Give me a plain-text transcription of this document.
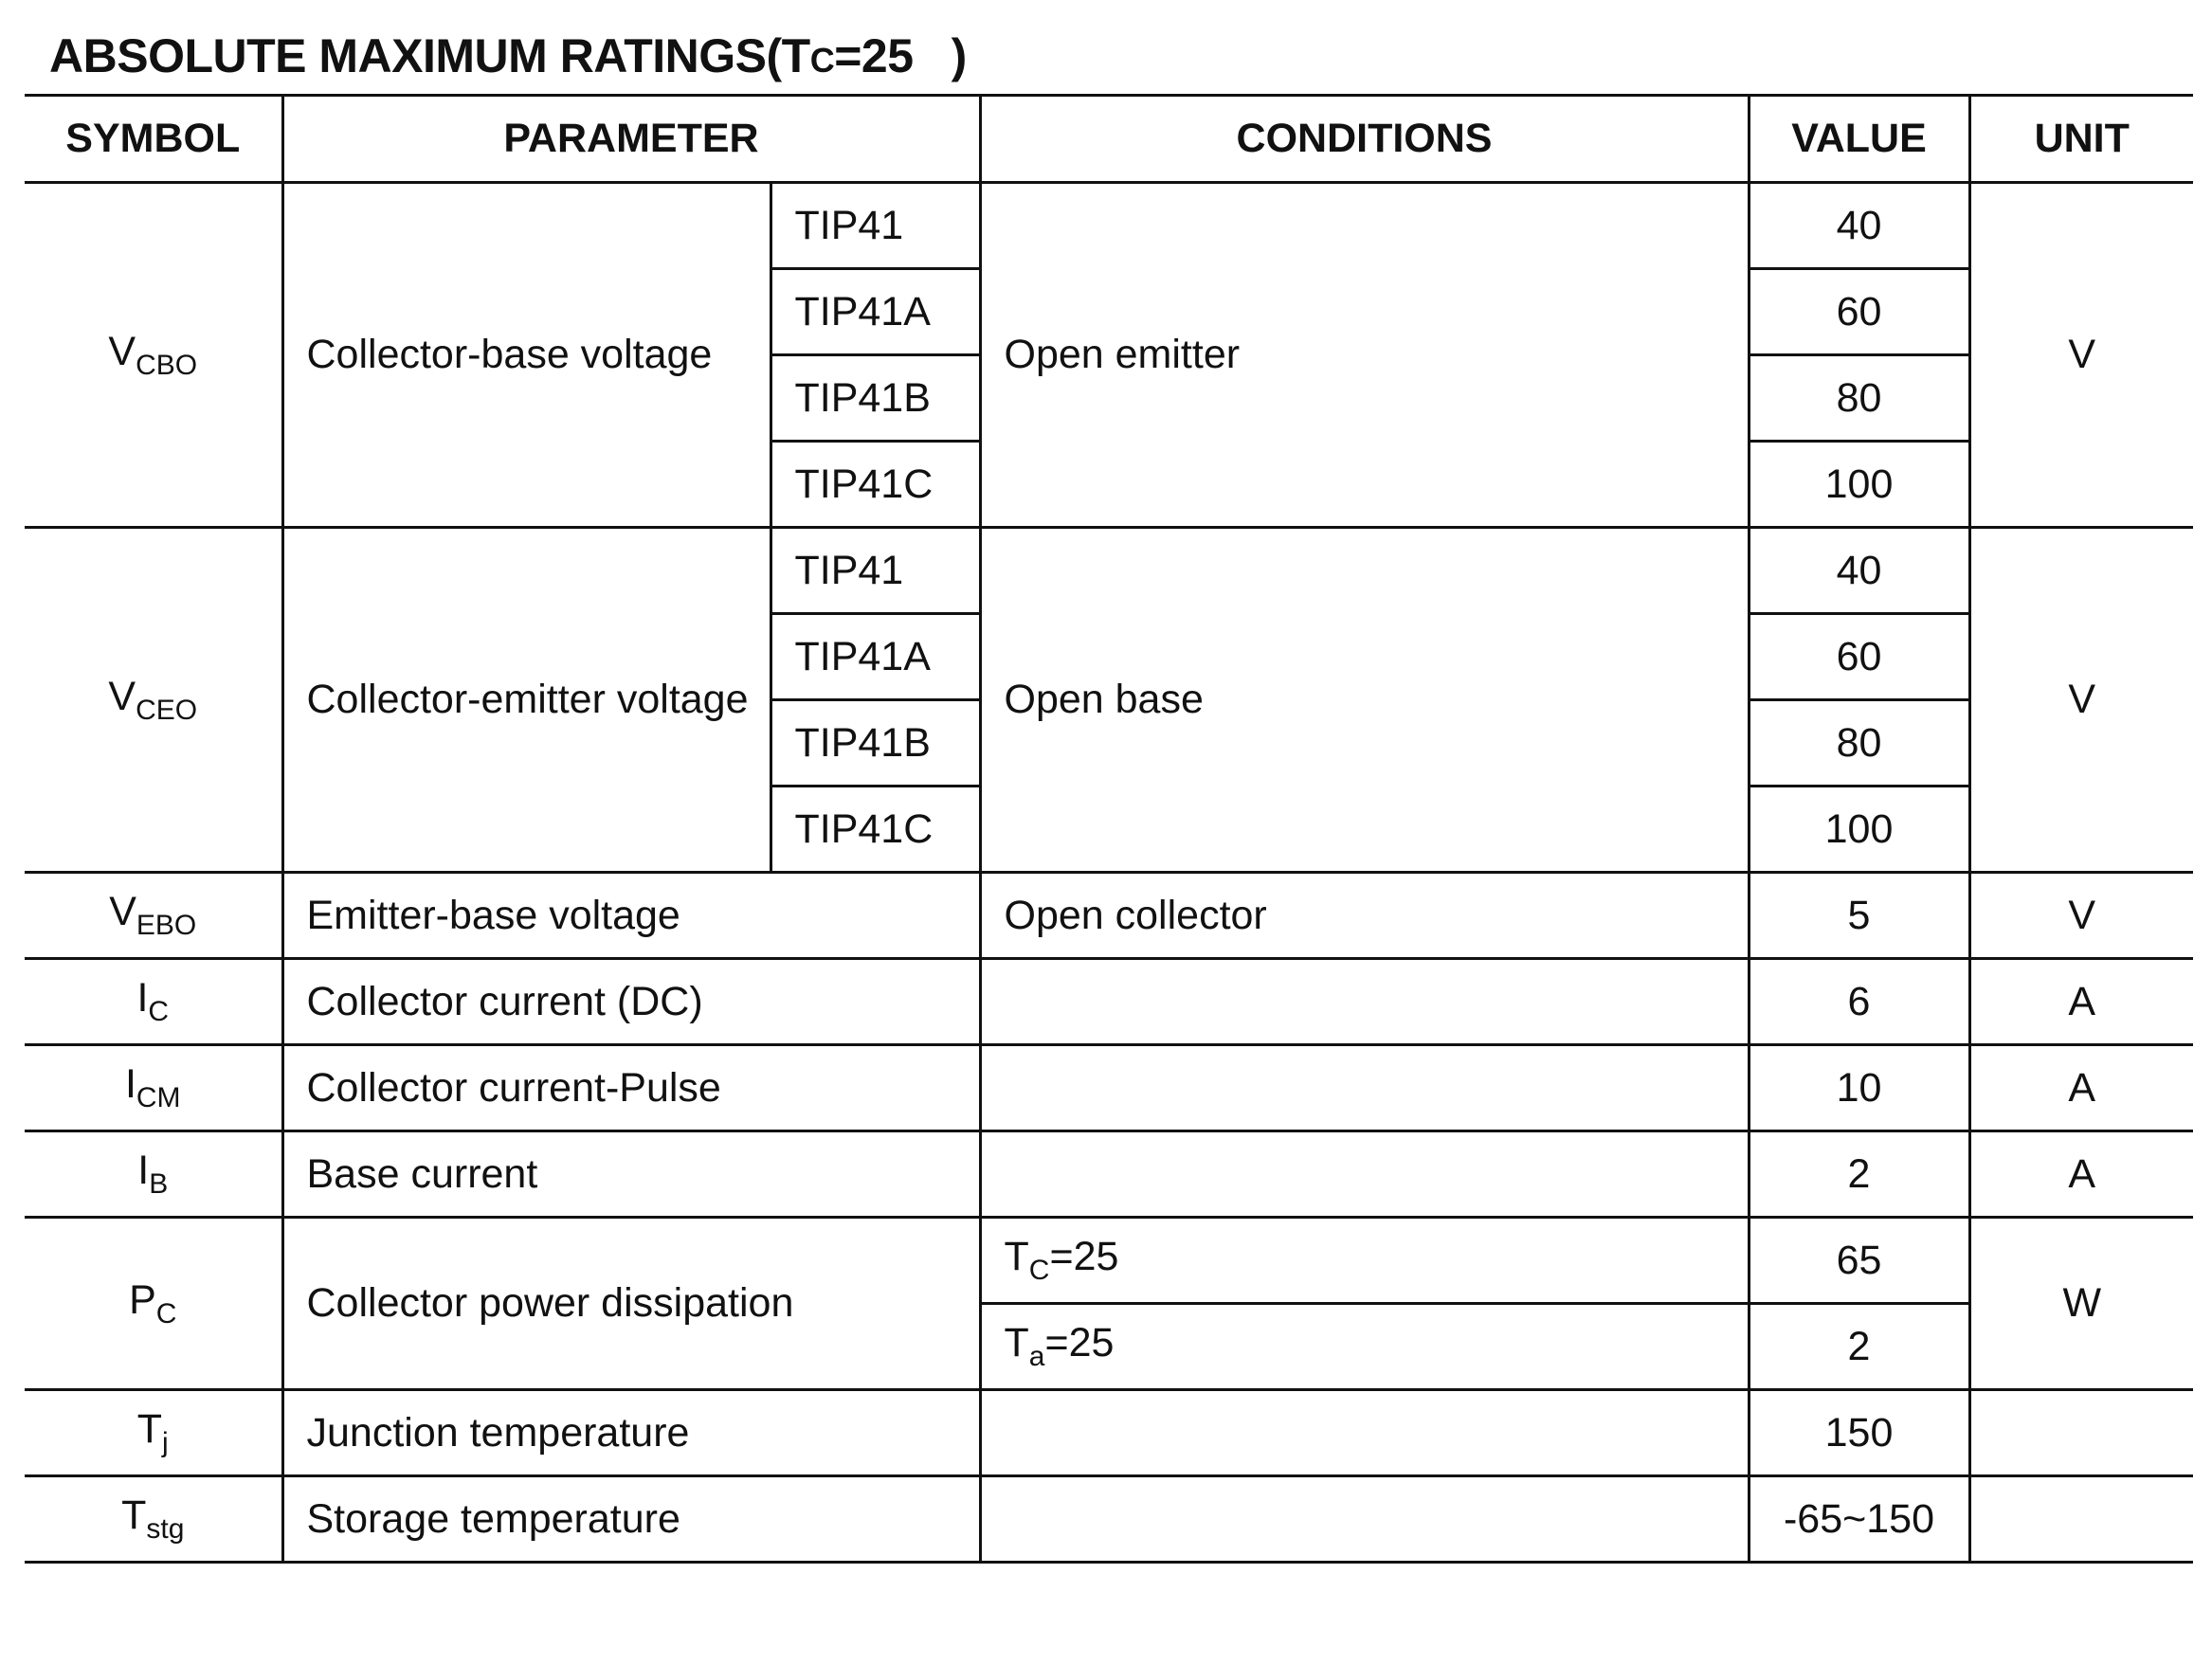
ABSOLUTE MAXIMUM RATINGS(TC=25   )
SYMBOL	PARAMETER		CONDITIONS	VALUE	UNIT
$V_{CBO}$	Collector-base voltage	TIP41	Open emitter	40	V
		TIP41A		60	
		TIP41B		80	
		TIP41C		100	
$V_{CEO}$	Collector-emitter voltage	TIP41	Open base	40	V
		TIP41A		60	
		TIP41B		80	
		TIP41C		100	
$V_{EBO}$	Emitter-base voltage		Open collector	5	V
$I_C$	Collector current (DC)			6	A
$I_{CM}$	Collector current-Pulse			10	A
$I_B$	Base current			2	A
$P_C$	Collector power dissipation		$T_C=25$	65	W
			$T_a=25$	2	
$T_j$	Junction temperature			150	
$T_{stg}$	Storage temperature			-65~150	
